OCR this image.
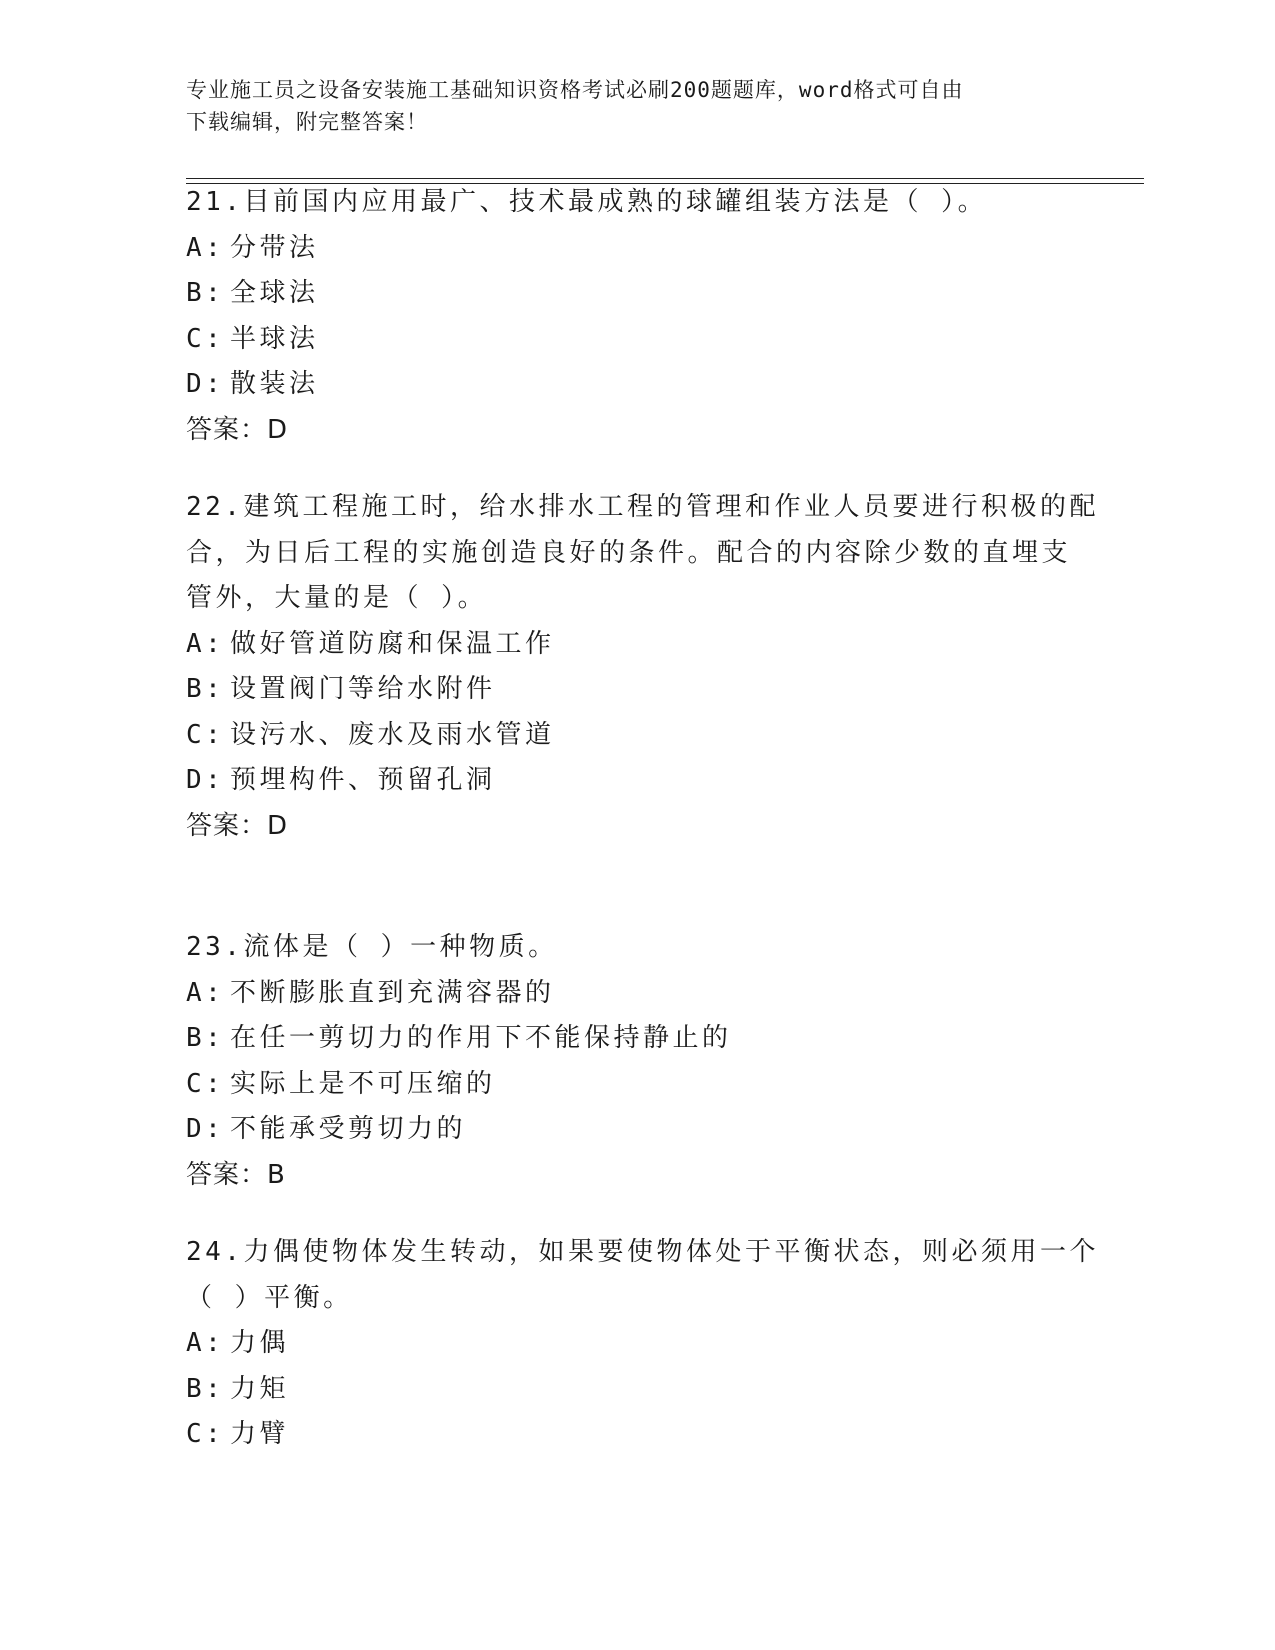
专业施工员之设备安装施工基础知识资格考试必刷200题题库，word格式可自由
下载编辑，附完整答案！
21.目前国内应用最广、技术最成熟的球罐组装方法是（ ）。
A: 分带法
B: 全球法
C: 半球法
D: 散装法
答案：D
22.建筑工程施工时，给水排水工程的管理和作业人员要进行积极的配
合，为日后工程的实施创造良好的条件。配合的内容除少数的直埋支
管外，大量的是（ ）。
A: 做好管道防腐和保温工作
B: 设置阀门等给水附件
C: 设污水、废水及雨水管道
D: 预埋构件、预留孔洞
答案：D
23.流体是（ ）一种物质。
A: 不断膨胀直到充满容器的
B: 在任一剪切力的作用下不能保持静止的
C: 实际上是不可压缩的
D: 不能承受剪切力的
答案：B
24.力偶使物体发生转动，如果要使物体处于平衡状态，则必须用一个
（ ）平衡。
A: 力偶
B: 力矩
C: 力臂
